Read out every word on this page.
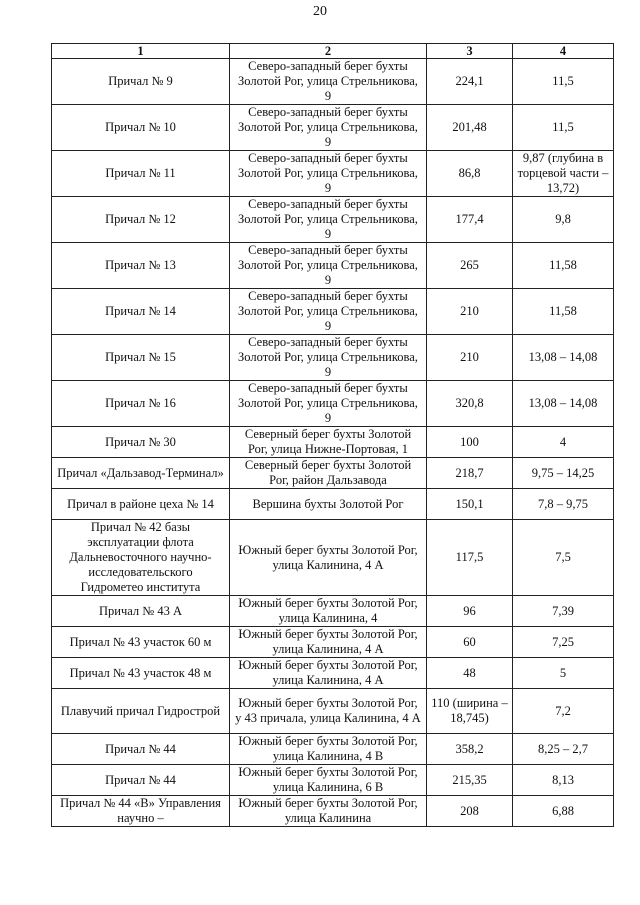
20
1	2	3	4
Причал № 9	Северо-западный берег бухты Золотой Рог, улица Стрельникова, 9	224,1	11,5
Причал № 10	Северо-западный берег бухты Золотой Рог, улица Стрельникова, 9	201,48	11,5
Причал № 11	Северо-западный берег бухты Золотой Рог, улица Стрельникова, 9	86,8	9,87 (глубина в торцевой части – 13,72)
Причал № 12	Северо-западный берег бухты Золотой Рог, улица Стрельникова, 9	177,4	9,8
Причал № 13	Северо-западный берег бухты Золотой Рог, улица Стрельникова, 9	265	11,58
Причал № 14	Северо-западный берег бухты Золотой Рог, улица Стрельникова, 9	210	11,58
Причал № 15	Северо-западный берег бухты Золотой Рог, улица Стрельникова, 9	210	13,08 – 14,08
Причал № 16	Северо-западный берег бухты Золотой Рог, улица Стрельникова, 9	320,8	13,08 – 14,08
Причал № 30	Северный берег бухты Золотой Рог, улица Нижне-Портовая, 1	100	4
Причал «Дальзавод-Терминал»	Северный берег бухты Золотой Рог, район Дальзавода	218,7	9,75 – 14,25
Причал в районе цеха № 14	Вершина бухты Золотой Рог	150,1	7,8 – 9,75
Причал № 42 базы эксплуатации флота Дальневосточного научно-исследовательского Гидрометео института	Южный берег бухты Золотой Рог, улица Калинина, 4 А	117,5	7,5
Причал № 43 А	Южный берег бухты Золотой Рог, улица Калинина, 4	96	7,39
Причал № 43 участок 60 м	Южный берег бухты Золотой Рог, улица Калинина, 4 А	60	7,25
Причал № 43 участок 48 м	Южный берег бухты Золотой Рог, улица Калинина, 4 А	48	5
Плавучий причал Гидрострой	Южный берег бухты Золотой Рог, у 43 причала, улица Калинина, 4 А	110 (ширина – 18,745)	7,2
Причал № 44	Южный берег бухты Золотой Рог, улица Калинина, 4 В	358,2	8,25 – 2,7
Причал № 44	Южный берег бухты Золотой Рог, улица Калинина, 6 В	215,35	8,13
Причал № 44 «В» Управления научно –	Южный берег бухты Золотой Рог, улица Калинина	208	6,88
